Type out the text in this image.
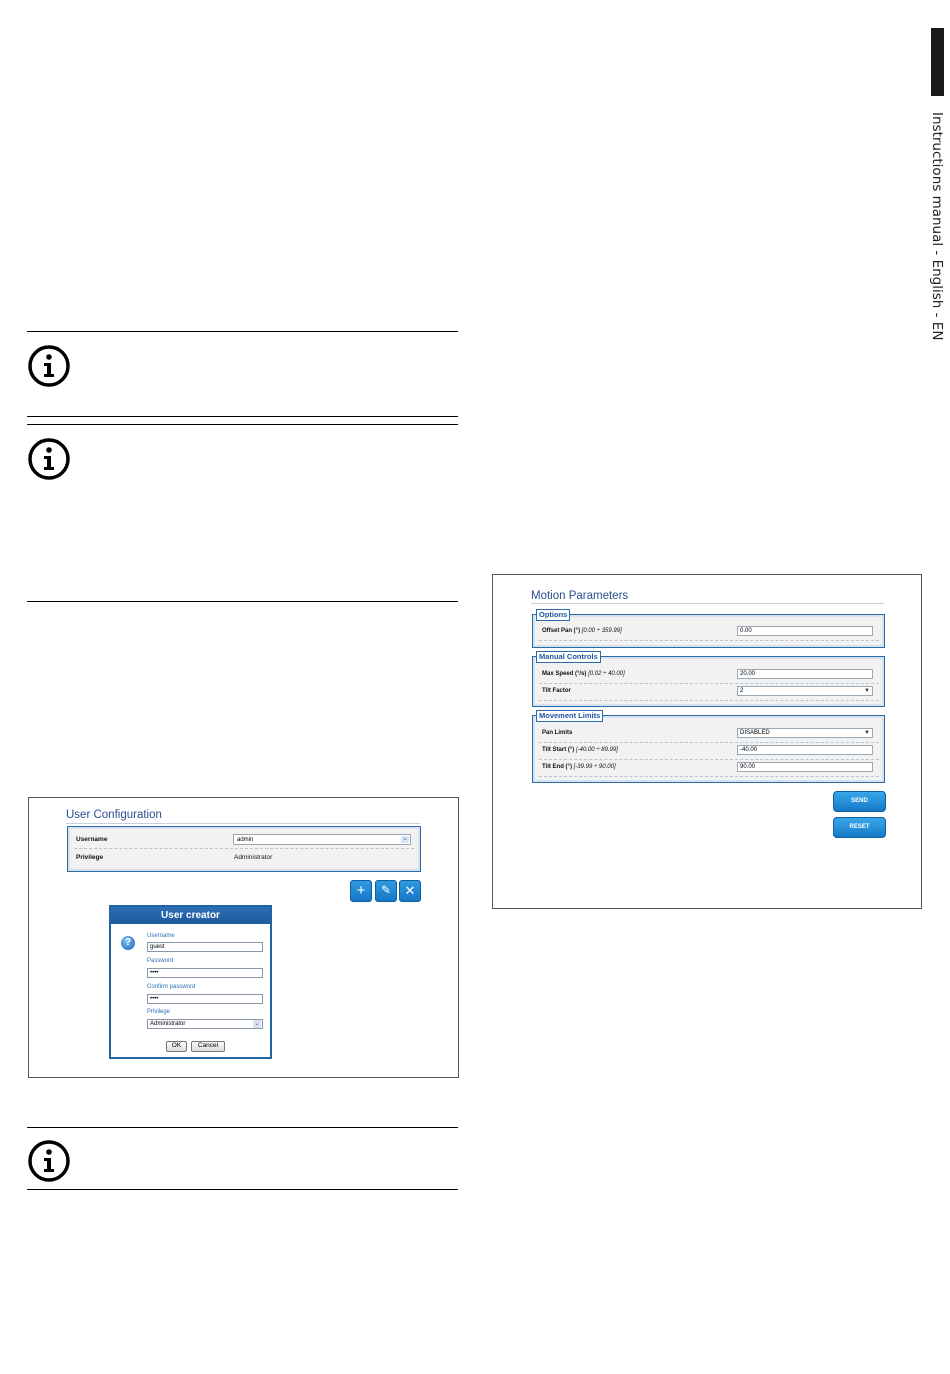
Instructions manual - English - EN
User Configuration
Username	admin	⌄
Privilege	Administrator
+	✎	✕
User creator
?
Username
guest
Password
••••
Confirm password
••••
Privilege
Administrator	⌄
OK	Cancel
Motion Parameters
Options
Offset Pan (°) [0.00 ÷ 359.99]	0.00
Manual Controls
Max Speed (°/s) [0.02 ÷ 40.00]	20.00
Tilt Factor	2	▼
Movement Limits
Pan Limits	DISABLED	▼
Tilt Start (°) [-40.00 ÷ 89.99]	-40.00
Tilt End (°) [-39.99 ÷ 90.00]	90.00
SEND
RESET
